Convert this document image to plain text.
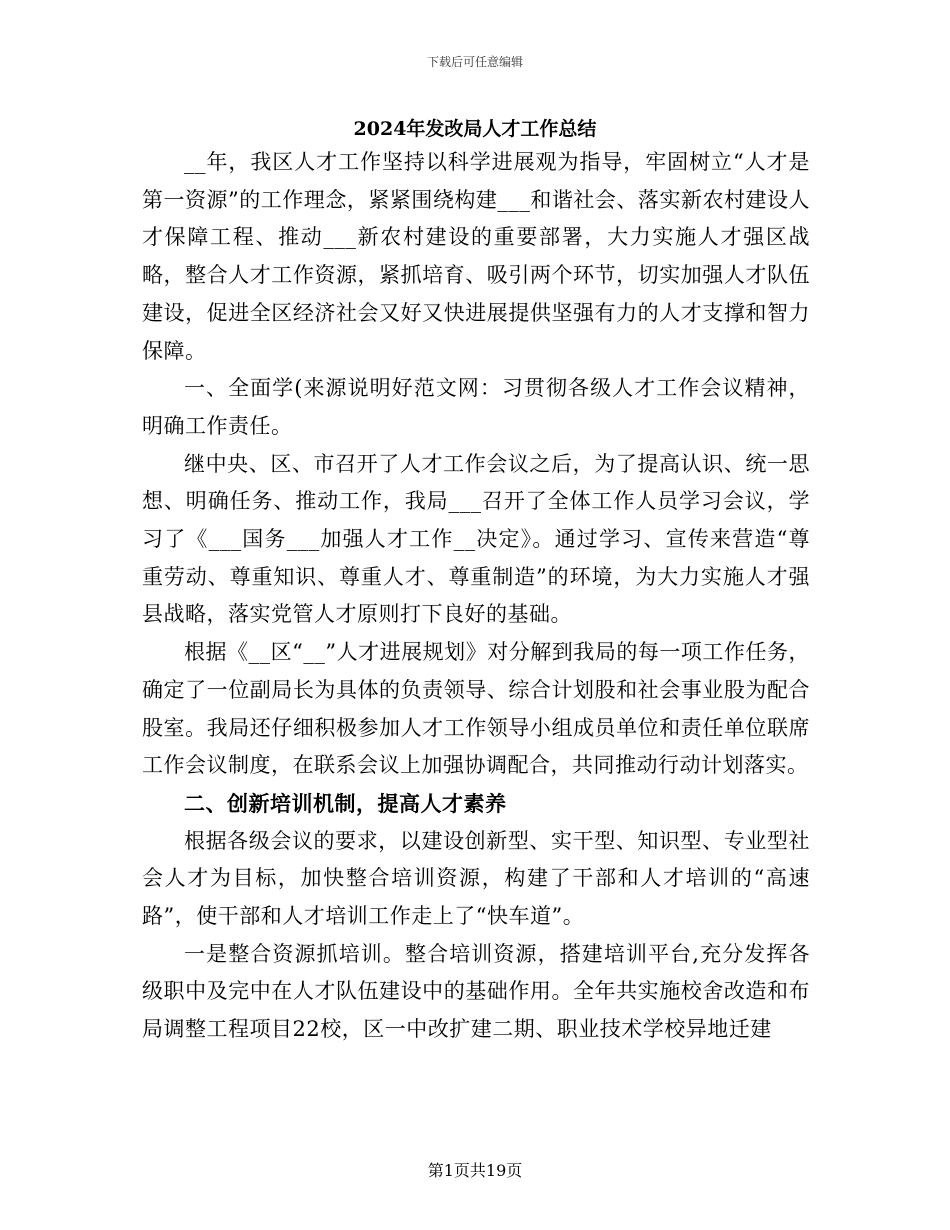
下载后可任意编辑
2024年发改局人才工作总结

__年，我区人才工作坚持以科学进展观为指导，牢固树立“人才是第一资源”的工作理念，紧紧围绕构建___和谐社会、落实新农村建设人才保障工程、推动___新农村建设的重要部署，大力实施人才强区战略，整合人才工作资源，紧抓培育、吸引两个环节，切实加强人才队伍建设，促进全区经济社会又好又快进展提供坚强有力的人才支撑和智力保障。

一、全面学(来源说明好范文网：习贯彻各级人才工作会议精神，明确工作责任。

继中央、区、市召开了人才工作会议之后，为了提高认识、统一思想、明确任务、推动工作，我局___召开了全体工作人员学习会议，学习了《___国务___加强人才工作__决定》。通过学习、宣传来营造“尊重劳动、尊重知识、尊重人才、尊重制造”的环境，为大力实施人才强县战略，落实党管人才原则打下良好的基础。

根据《__区“__”人才进展规划》对分解到我局的每一项工作任务，确定了一位副局长为具体的负责领导、综合计划股和社会事业股为配合股室。我局还仔细积极参加人才工作领导小组成员单位和责任单位联席工作会议制度，在联系会议上加强协调配合，共同推动行动计划落实。

二、创新培训机制，提高人才素养

根据各级会议的要求，以建设创新型、实干型、知识型、专业型社会人才为目标，加快整合培训资源，构建了干部和人才培训的“高速路”，使干部和人才培训工作走上了“快车道”。

一是整合资源抓培训。整合培训资源，搭建培训平台,充分发挥各级职中及完中在人才队伍建设中的基础作用。全年共实施校舍改造和布局调整工程项目22校，区一中改扩建二期、职业技术学校异地迁建

第1页共19页
